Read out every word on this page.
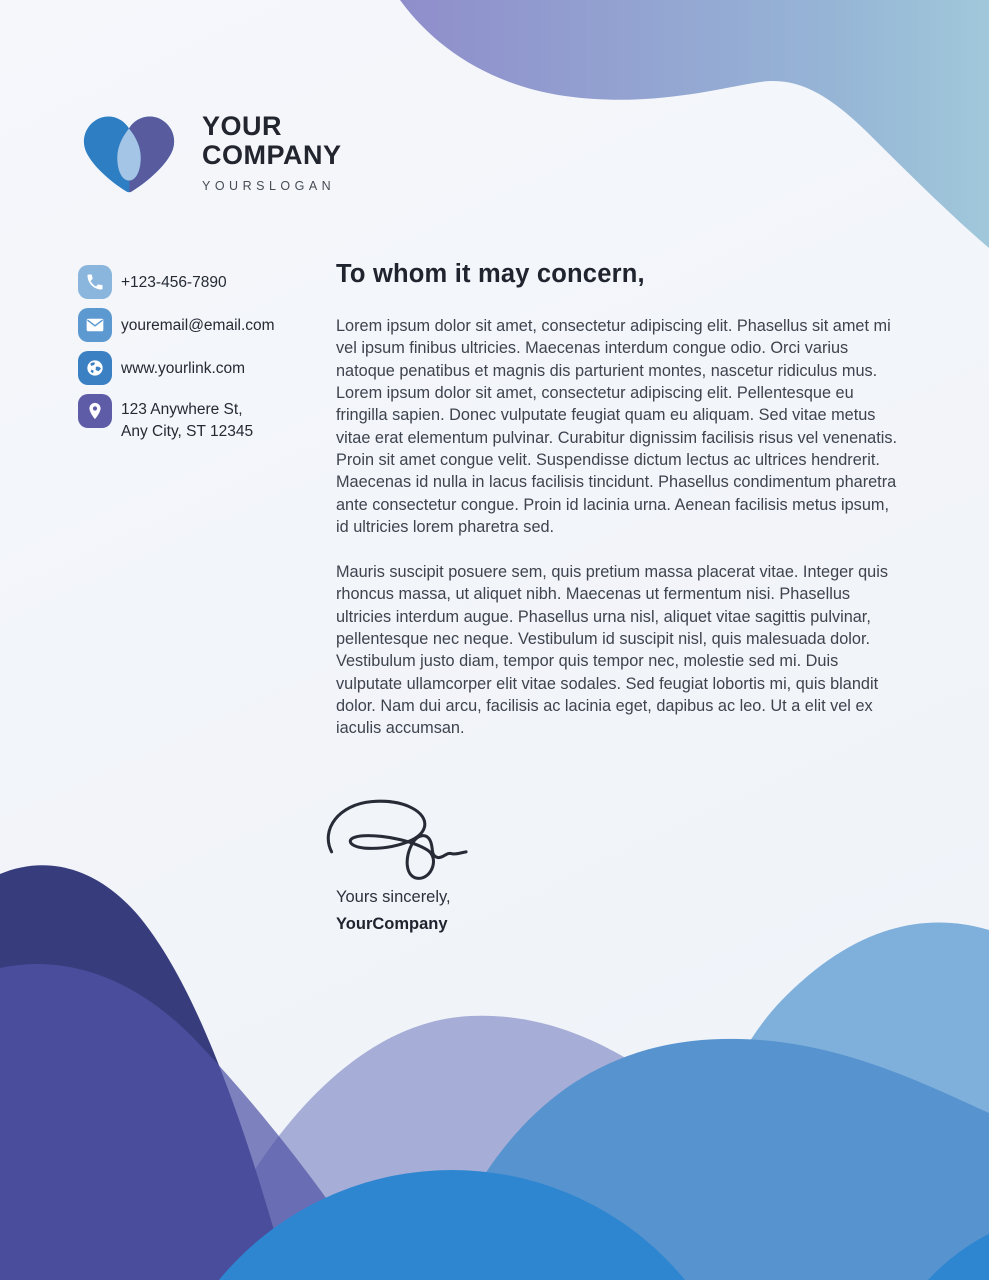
YOUR
COMPANY
YOURSLOGAN
+123-456-7890
youremail@email.com
www.yourlink.com
123 Anywhere St,
Any City, ST 12345
To whom it may concern,

Lorem ipsum dolor sit amet, consectetur adipiscing elit. Phasellus sit amet mi vel ipsum finibus ultricies. Maecenas interdum congue odio. Orci varius natoque penatibus et magnis dis parturient montes, nascetur ridiculus mus. Lorem ipsum dolor sit amet, consectetur adipiscing elit. Pellentesque eu fringilla sapien. Donec vulputate feugiat quam eu aliquam. Sed vitae metus vitae erat elementum pulvinar. Curabitur dignissim facilisis risus vel venenatis. Proin sit amet congue velit. Suspendisse dictum lectus ac ultrices hendrerit. Maecenas id nulla in lacus facilisis tincidunt. Phasellus condimentum pharetra ante consectetur congue. Proin id lacinia urna. Aenean facilisis metus ipsum, id ultricies lorem pharetra sed.

Mauris suscipit posuere sem, quis pretium massa placerat vitae. Integer quis rhoncus massa, ut aliquet nibh. Maecenas ut fermentum nisi. Phasellus ultricies interdum augue. Phasellus urna nisl, aliquet vitae sagittis pulvinar, pellentesque nec neque. Vestibulum id suscipit nisl, quis malesuada dolor. Vestibulum justo diam, tempor quis tempor nec, molestie sed mi. Duis vulputate ullamcorper elit vitae sodales. Sed feugiat lobortis mi, quis blandit dolor. Nam dui arcu, facilisis ac lacinia eget, dapibus ac leo. Ut a elit vel ex iaculis accumsan.

Yours sincerely,
YourCompany
